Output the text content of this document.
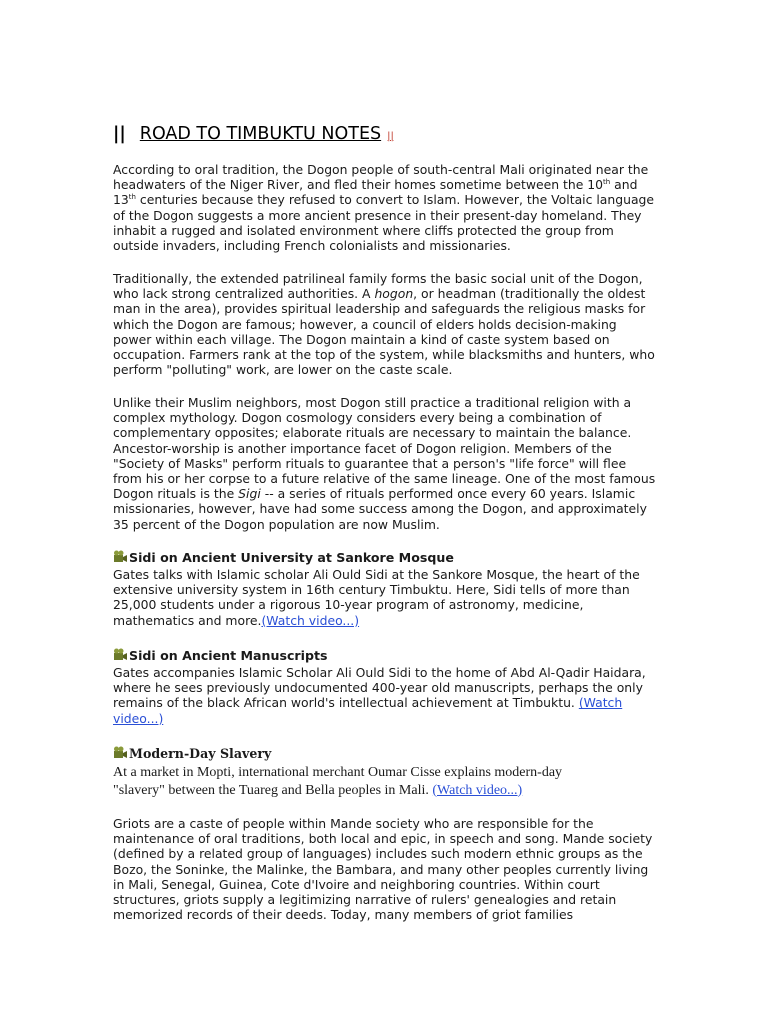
|| ROAD TO TIMBUKTU NOTES ||
According to oral tradition, the Dogon people of south-central Mali originated near the headwaters of the Niger River, and fled their homes sometime between the 10th and 13th centuries because they refused to convert to Islam. However, the Voltaic language of the Dogon suggests a more ancient presence in their present-day homeland. They inhabit a rugged and isolated environment where cliffs protected the group from outside invaders, including French colonialists and missionaries.
Traditionally, the extended patrilineal family forms the basic social unit of the Dogon, who lack strong centralized authorities. A hogon, or headman (traditionally the oldest man in the area), provides spiritual leadership and safeguards the religious masks for which the Dogon are famous; however, a council of elders holds decision-making power within each village. The Dogon maintain a kind of caste system based on occupation. Farmers rank at the top of the system, while blacksmiths and hunters, who perform "polluting" work, are lower on the caste scale.
Unlike their Muslim neighbors, most Dogon still practice a traditional religion with a complex mythology. Dogon cosmology considers every being a combination of complementary opposites; elaborate rituals are necessary to maintain the balance. Ancestor-worship is another importance facet of Dogon religion. Members of the "Society of Masks" perform rituals to guarantee that a person's "life force" will flee from his or her corpse to a future relative of the same lineage. One of the most famous Dogon rituals is the Sigi -- a series of rituals performed once every 60 years. Islamic missionaries, however, have had some success among the Dogon, and approximately 35 percent of the Dogon population are now Muslim.
Sidi on Ancient University at Sankore Mosque
Gates talks with Islamic scholar Ali Ould Sidi at the Sankore Mosque, the heart of the extensive university system in 16th century Timbuktu. Here, Sidi tells of more than 25,000 students under a rigorous 10-year program of astronomy, medicine, mathematics and more.(Watch video...)
Sidi on Ancient Manuscripts
Gates accompanies Islamic Scholar Ali Ould Sidi to the home of Abd Al-Qadir Haidara, where he sees previously undocumented 400-year old manuscripts, perhaps the only remains of the black African world's intellectual achievement at Timbuktu. (Watch video...)
Modern-Day Slavery
At a market in Mopti, international merchant Oumar Cisse explains modern-day "slavery" between the Tuareg and Bella peoples in Mali. (Watch video...)
Griots are a caste of people within Mande society who are responsible for the maintenance of oral traditions, both local and epic, in speech and song. Mande society (defined by a related group of languages) includes such modern ethnic groups as the Bozo, the Soninke, the Malinke, the Bambara, and many other peoples currently living in Mali, Senegal, Guinea, Cote d'Ivoire and neighboring countries. Within court structures, griots supply a legitimizing narrative of rulers' genealogies and retain memorized records of their deeds. Today, many members of griot families
